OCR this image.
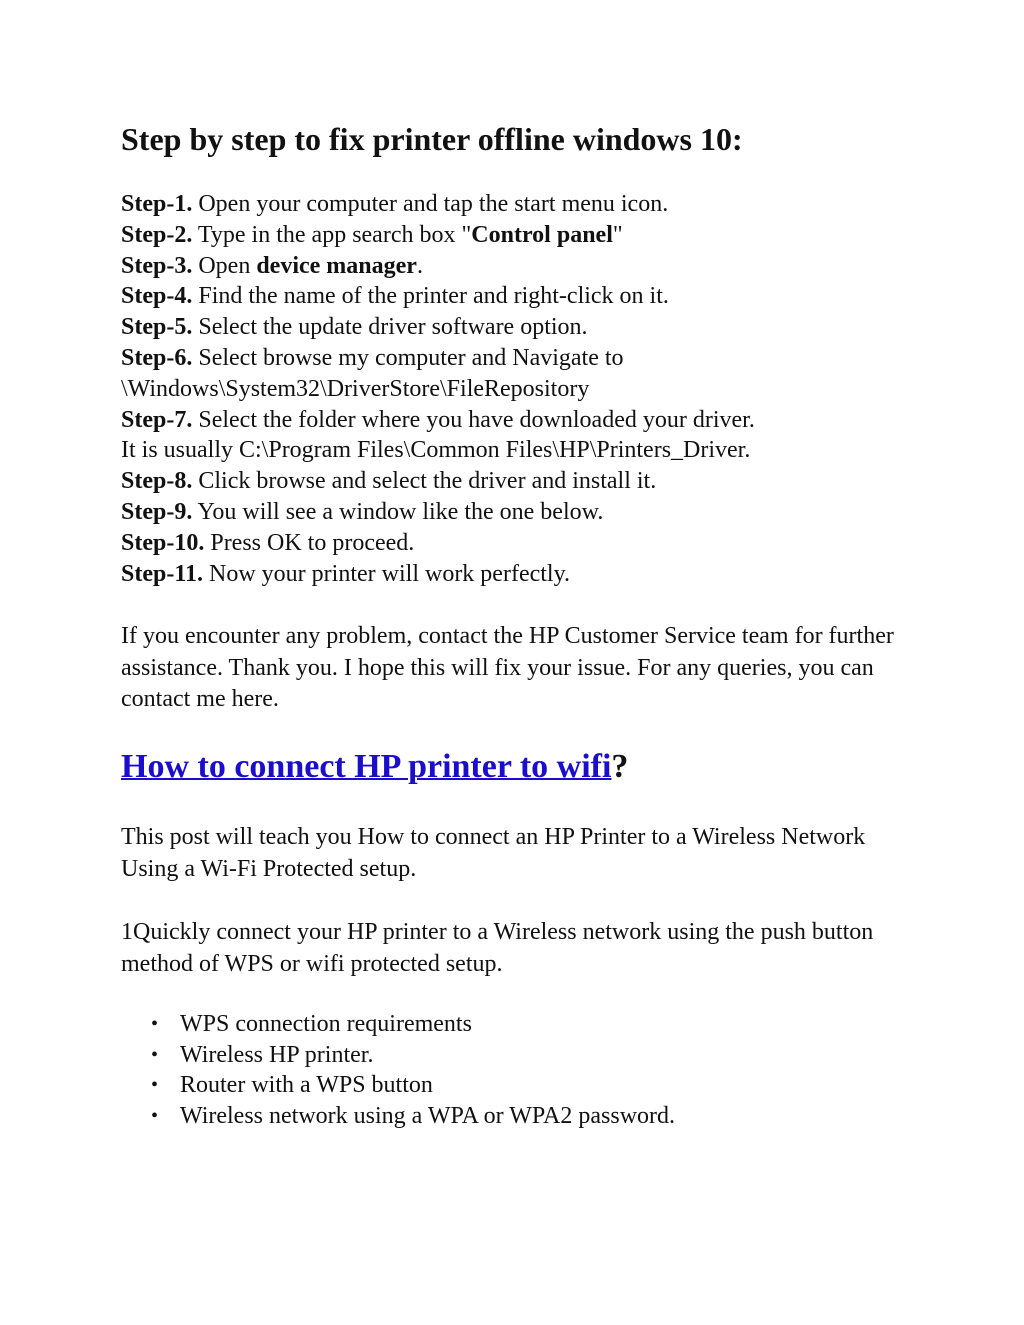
Step by step to fix printer offline windows 10:
Step-1. Open your computer and tap the start menu icon.
Step-2. Type in the app search box "Control panel"
Step-3. Open device manager.
Step-4. Find the name of the printer and right-click on it.
Step-5. Select the update driver software option.
Step-6. Select browse my computer and Navigate to
\Windows\System32\DriverStore\FileRepository
Step-7. Select the folder where you have downloaded your driver.
It is usually C:\Program Files\Common Files\HP\Printers_Driver.
Step-8. Click browse and select the driver and install it.
Step-9. You will see a window like the one below.
Step-10. Press OK to proceed.
Step-11. Now your printer will work perfectly.

If you encounter any problem, contact the HP Customer Service team for further assistance. Thank you. I hope this will fix your issue. For any queries, you can contact me here.

How to connect HP printer to wifi?

This post will teach you How to connect an HP Printer to a Wireless Network Using a Wi-Fi Protected setup.

1Quickly connect your HP printer to a Wireless network using the push button method of WPS or wifi protected setup.

• WPS connection requirements
• Wireless HP printer.
• Router with a WPS button
• Wireless network using a WPA or WPA2 password.
